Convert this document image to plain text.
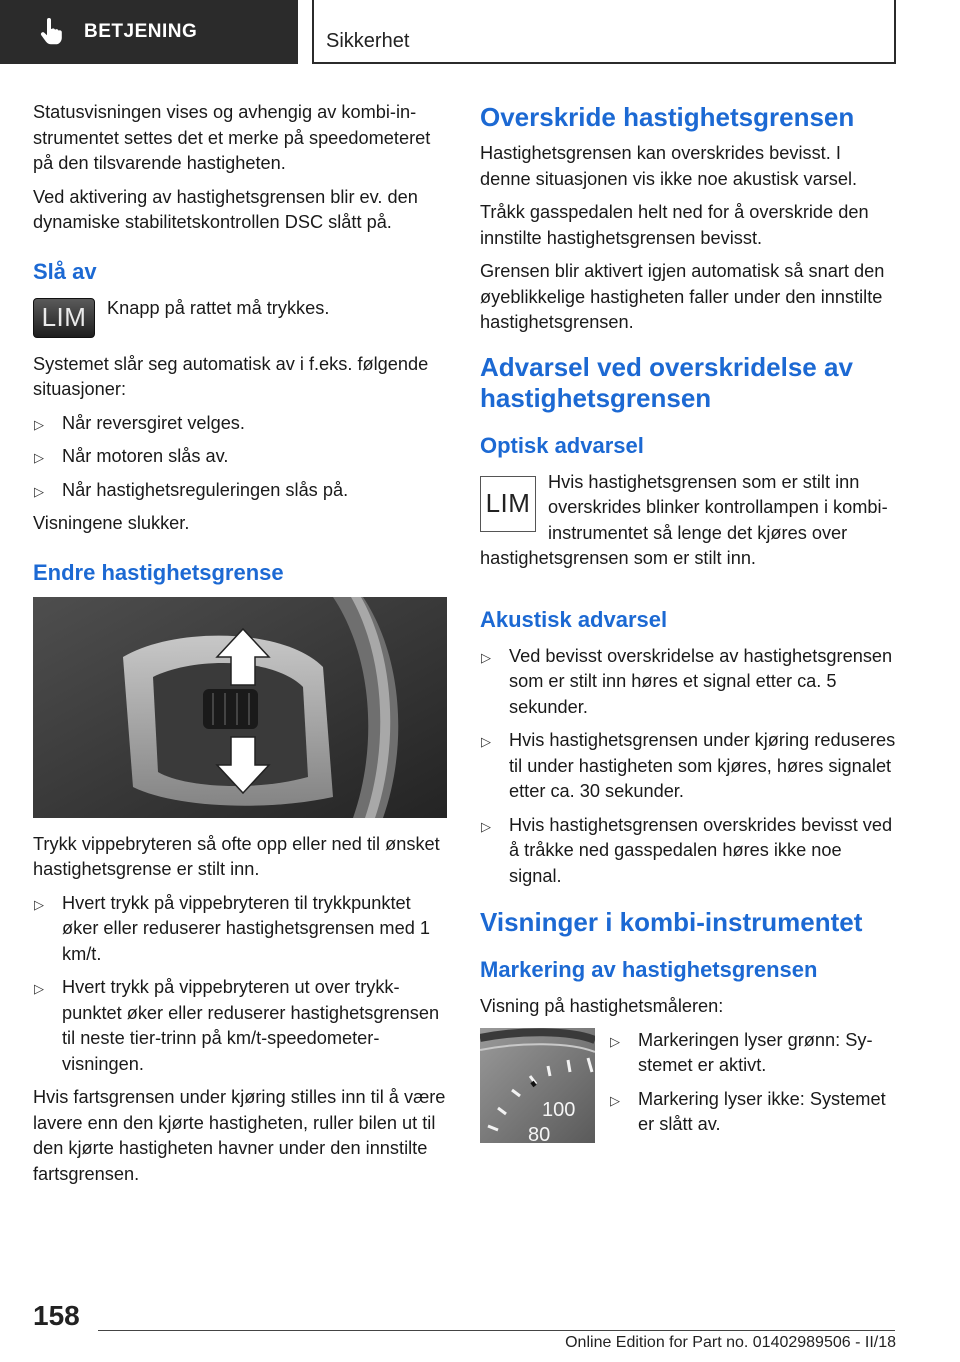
BETJENING	Sikkerhet

Statusvisningen vises og avhengig av kombi-instrumentet settes det et merke på speedometeret på den tilsvarende hastigheten.

Ved aktivering av hastighetsgrensen blir ev. den dynamiske stabilitetskontrollen DSC slått på.

Slå av
LIM	Knapp på rattet må trykkes.

Systemet slår seg automatisk av i f.eks. følgende situasjoner:

▷ Når reversgiret velges.
▷ Når motoren slås av.
▷ Når hastighetsreguleringen slås på.

Visningene slukker.

Endre hastighetsgrense

Trykk vippebryteren så ofte opp eller ned til ønsket hastighetsgrense er stilt inn.

▷ Hvert trykk på vippebryteren til trykkpunktet øker eller reduserer hastighetsgrensen med 1 km/t.
▷ Hvert trykk på vippebryteren ut over trykkpunktet øker eller reduserer hastighetsgrensen til neste tier-trinn på km/t-speedometervisningen.

Hvis fartsgrensen under kjøring stilles inn til å være lavere enn den kjørte hastigheten, ruller bilen ut til den kjørte hastigheten havner under den innstilte fartsgrensen.

Overskride hastighetsgrensen

Hastighetsgrensen kan overskrides bevisst. I denne situasjonen vis ikke noe akustisk varsel.

Tråkk gasspedalen helt ned for å overskride den innstilte hastighetsgrensen bevisst.

Grensen blir aktivert igjen automatisk så snart den øyeblikkelige hastigheten faller under den innstilte hastighetsgrensen.

Advarsel ved overskridelse av hastighetsgrensen
Optisk advarsel
LIM

Hvis hastighetsgrensen som er stilt inn overskrides blinker kontrollampen i kombi-instrumentet så lenge det kjøres over hastighetsgrensen som er stilt inn.

Akustisk advarsel
▷ Ved bevisst overskridelse av hastighetsgrensen som er stilt inn høres et signal etter ca. 5 sekunder.
▷ Hvis hastighetsgrensen under kjøring reduseres til under hastigheten som kjøres, høres signalet etter ca. 30 sekunder.
▷ Hvis hastighetsgrensen overskrides bevisst ved å tråkke ned gasspedalen høres ikke noe signal.
Visninger i kombi-instrumentet
Markering av hastighetsgrensen

Visning på hastighetsmåleren:

100
80
▷ Markeringen lyser grønn: Systemet er aktivt.
▷ Markering lyser ikke: Systemet er slått av.
158
Online Edition for Part no. 01402989506 - II/18
